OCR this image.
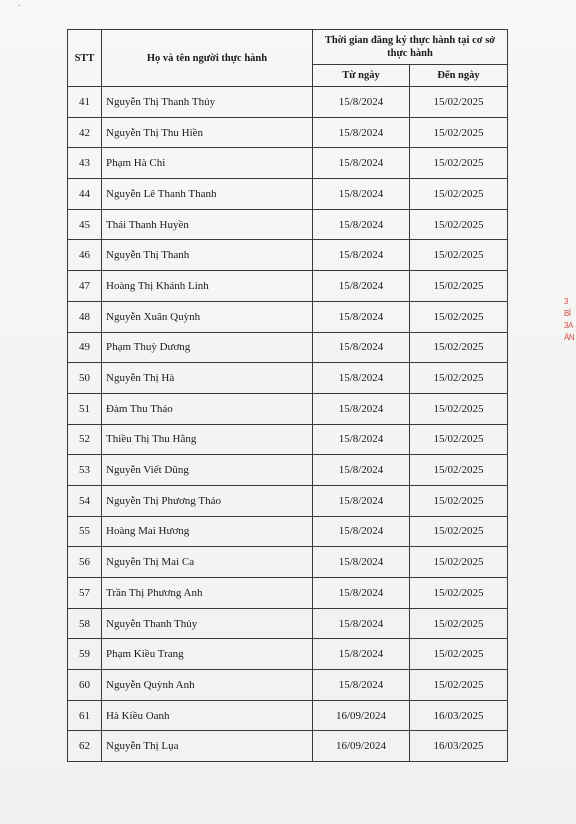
ˇ
STT	Họ và tên người thực hành	Thời gian đăng ký thực hành tại cơ sở thực hành	
		Từ ngày	Đến ngày
41	Nguyễn Thị Thanh Thủy	15/8/2024	15/02/2025
42	Nguyễn Thị Thu Hiền	15/8/2024	15/02/2025
43	Phạm Hà Chi	15/8/2024	15/02/2025
44	Nguyễn Lê Thanh Thanh	15/8/2024	15/02/2025
45	Thái Thanh Huyền	15/8/2024	15/02/2025
46	Nguyễn Thị Thanh	15/8/2024	15/02/2025
47	Hoàng Thị Khánh Linh	15/8/2024	15/02/2025
48	Nguyễn Xuân Quỳnh	15/8/2024	15/02/2025
49	Phạm Thuỳ Dương	15/8/2024	15/02/2025
50	Nguyễn Thị Hà	15/8/2024	15/02/2025
51	Đàm Thu Thảo	15/8/2024	15/02/2025
52	Thiều Thị Thu Hằng	15/8/2024	15/02/2025
53	Nguyễn Viết Dũng	15/8/2024	15/02/2025
54	Nguyễn Thị Phương Thảo	15/8/2024	15/02/2025
55	Hoàng Mai Hương	15/8/2024	15/02/2025
56	Nguyễn Thị Mai Ca	15/8/2024	15/02/2025
57	Trần Thị Phương Anh	15/8/2024	15/02/2025
58	Nguyễn Thanh Thủy	15/8/2024	15/02/2025
59	Phạm Kiều Trang	15/8/2024	15/02/2025
60	Nguyễn Quỳnh Anh	15/8/2024	15/02/2025
61	Hà Kiều Oanh	16/09/2024	16/03/2025
62	Nguyễn Thị Lụa	16/09/2024	16/03/2025
3
BÌ
3A
ÁN
